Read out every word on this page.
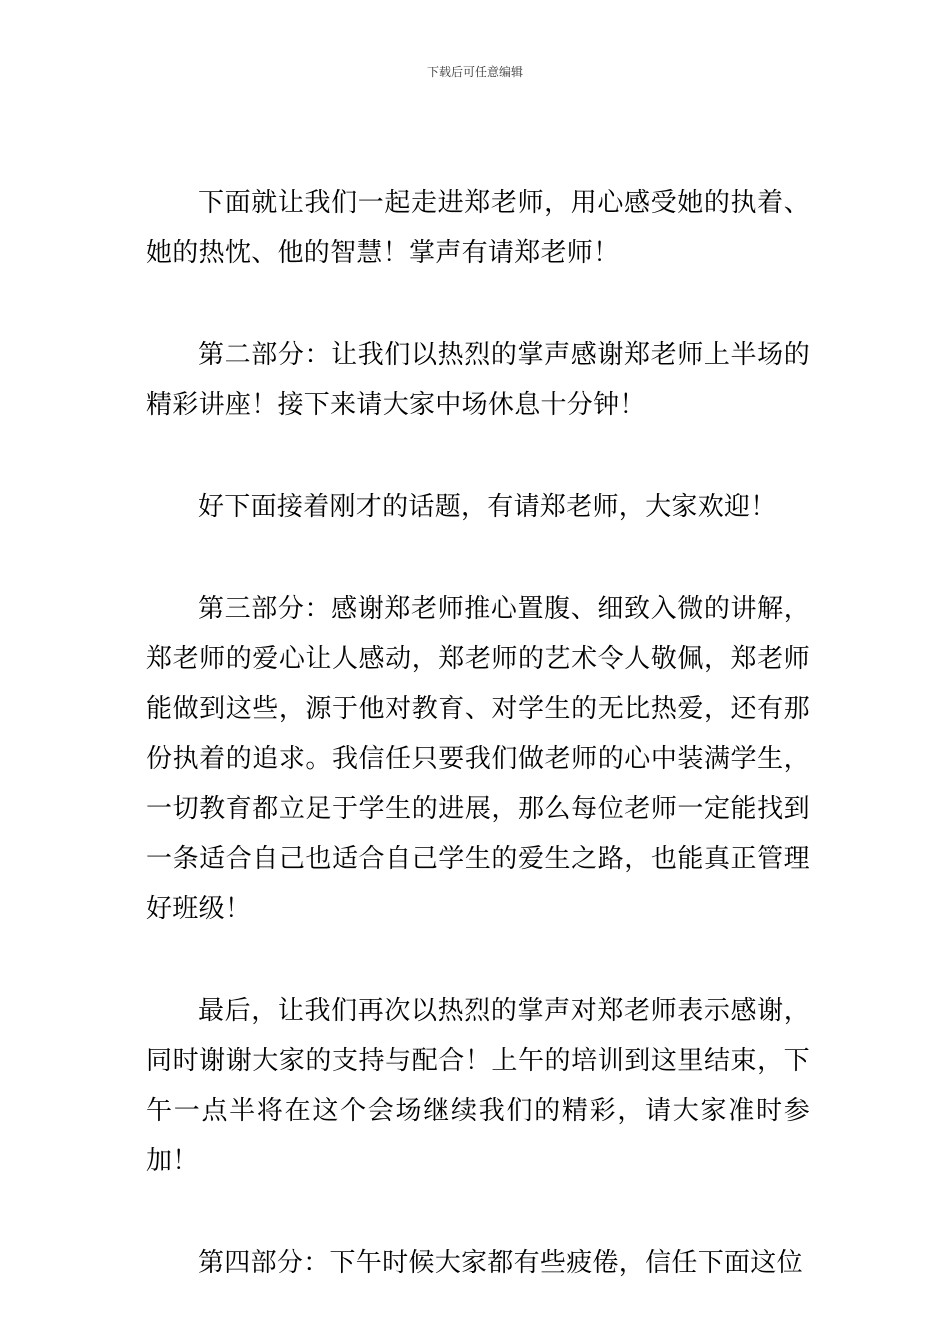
下载后可任意编辑

下面就让我们一起走进郑老师，用心感受她的执着、她的热忱、他的智慧！掌声有请郑老师！

第二部分：让我们以热烈的掌声感谢郑老师上半场的精彩讲座！接下来请大家中场休息十分钟！

好下面接着刚才的话题，有请郑老师，大家欢迎！

第三部分：感谢郑老师推心置腹、细致入微的讲解，郑老师的爱心让人感动，郑老师的艺术令人敬佩，郑老师能做到这些，源于他对教育、对学生的无比热爱，还有那份执着的追求。我信任只要我们做老师的心中装满学生，一切教育都立足于学生的进展，那么每位老师一定能找到一条适合自己也适合自己学生的爱生之路，也能真正管理好班级！

最后，让我们再次以热烈的掌声对郑老师表示感谢，同时谢谢大家的支持与配合！上午的培训到这里结束，下午一点半将在这个会场继续我们的精彩，请大家准时参加！

第四部分：下午时候大家都有些疲倦，信任下面这位
